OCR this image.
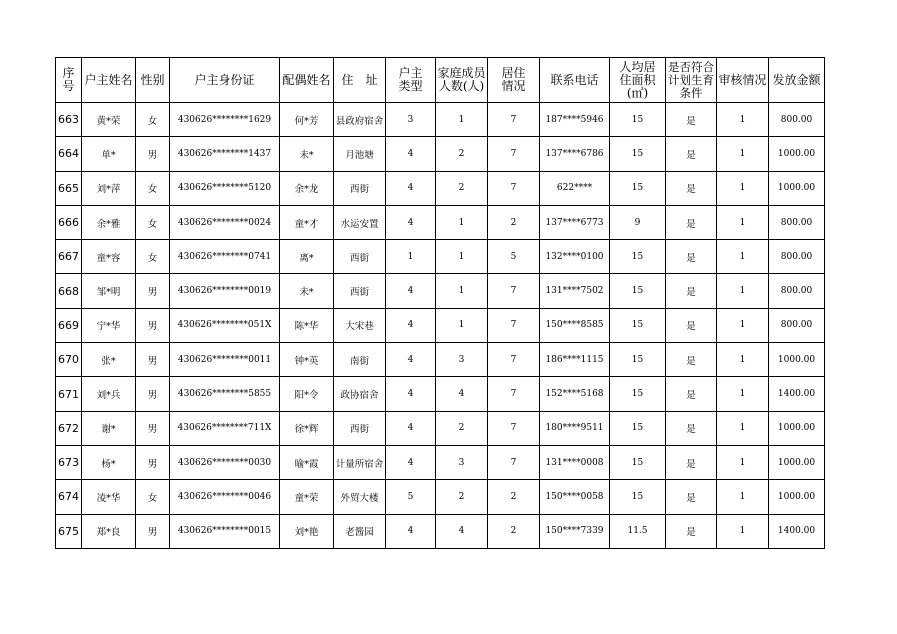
序号	户主姓名	性别	户主身份证	配偶姓名	住　址	户主类型	家庭成员人数(人)	居住情况	联系电话	人均居住面积(㎡)	是否符合计划生育条件	审核情况	发放金额
663	黄*荣	女	430626********1629	何*芳	县政府宿舍	3	1	7	187****5946	15	是	1	800.00
664	单*	男	430626********1437	未*	月池塘	4	2	7	137****6786	15	是	1	1000.00
665	刘*萍	女	430626********5120	余*龙	西街	4	2	7	622****	15	是	1	1000.00
666	余*雅	女	430626********0024	童*才	水运安置	4	1	2	137****6773	9	是	1	800.00
667	童*容	女	430626********0741	离*	西街	1	1	5	132****0100	15	是	1	800.00
668	邹*明	男	430626********0019	未*	西街	4	1	7	131****7502	15	是	1	800.00
669	宁*华	男	430626********051X	陈*华	大宋巷	4	1	7	150****8585	15	是	1	800.00
670	张*	男	430626********0011	钟*英	南街	4	3	7	186****1115	15	是	1	1000.00
671	刘*兵	男	430626********5855	阳*令	政协宿舍	4	4	7	152****5168	15	是	1	1400.00
672	谢*	男	430626********711X	徐*辉	西街	4	2	7	180****9511	15	是	1	1000.00
673	杨*	男	430626********0030	喻*霞	计量所宿舍	4	3	7	131****0008	15	是	1	1000.00
674	凌*华	女	430626********0046	童*荣	外贸大楼	5	2	2	150****0058	15	是	1	1000.00
675	郑*良	男	430626********0015	刘*艳	老酱园	4	4	2	150****7339	11.5	是	1	1400.00
